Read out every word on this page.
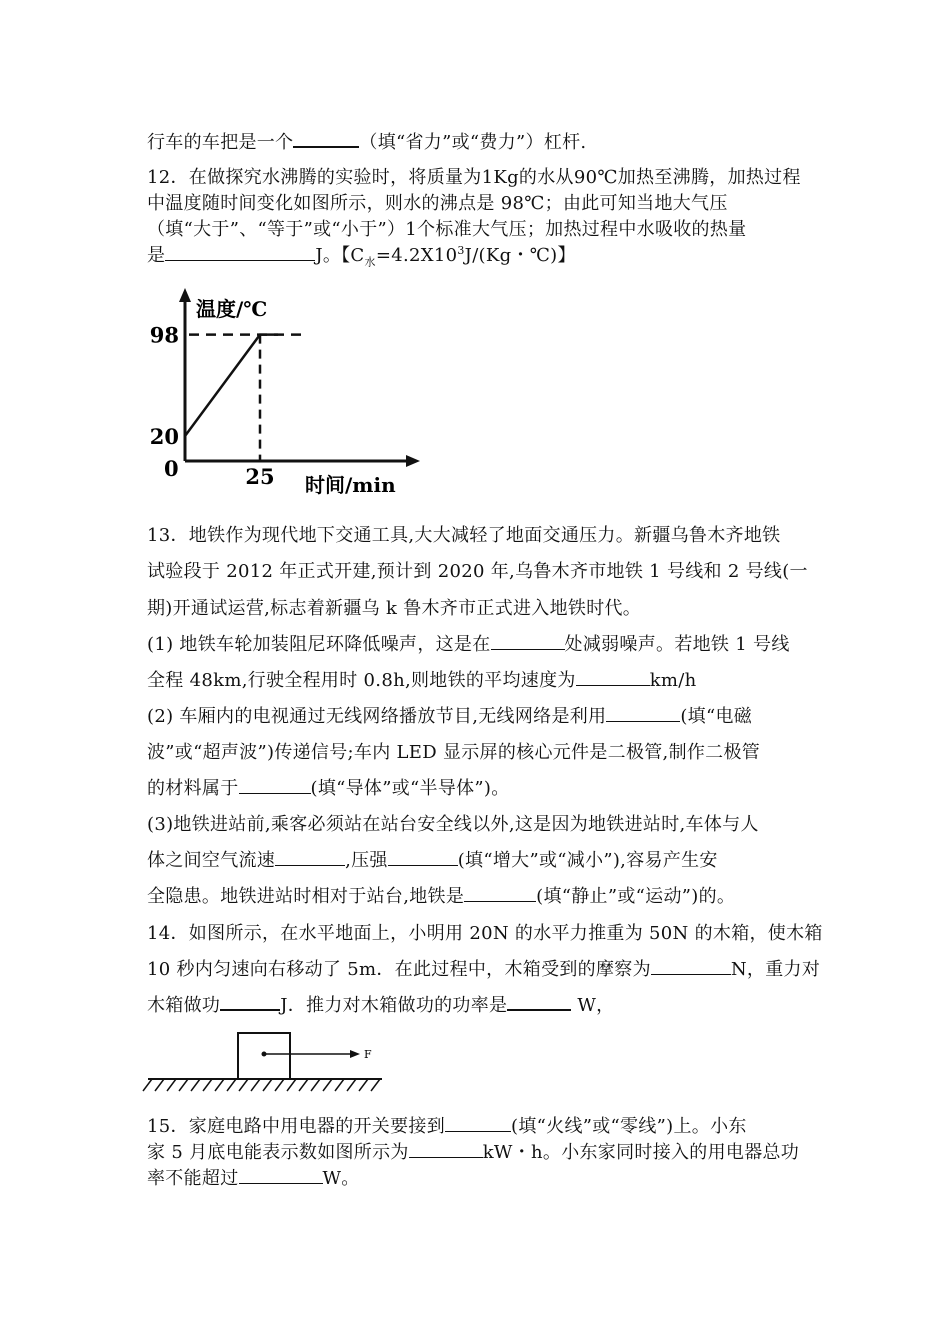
行车的车把是一个	（填“省力”或“费力”）杠杆.
12．在做探究水沸腾的实验时，将质量为1Kg的水从90℃加热至沸腾，加热过程
中温度随时间变化如图所示，则水的沸点是 98℃；由此可知当地大气压
（填“大于”、“等于”或“小于”）1个标准大气压；加热过程中水吸收的热量
是	J。【$C_水=4.2X10^3J/(Kg$・℃)】
温度/℃
98
20
0	25 时间/min
13．地铁作为现代地下交通工具,大大减轻了地面交通压力。新疆乌鲁木齐地铁
试验段于 2012 年正式开建,预计到 2020 年,乌鲁木齐市地铁 1 号线和 2 号线(一
期)开通试运营,标志着新疆乌 k 鲁木齐市正式进入地铁时代。
(1) 地铁车轮加装阻尼环降低噪声，这是在	处减弱噪声。若地铁 1 号线
全程 48km,行驶全程用时 0.8h,则地铁的平均速度为	km/h
(2) 车厢内的电视通过无线网络播放节目,无线网络是利用	(填“电磁
波”或“超声波”)传递信号;车内 LED 显示屏的核心元件是二极管,制作二极管
的材料属于	(填“导体”或“半导体”)。
(3)地铁进站前,乘客必须站在站台安全线以外,这是因为地铁进站时,车体与人
体之间空气流速	,压强	(填“增大”或“减小”),容易产生安
全隐患。地铁进站时相对于站台,地铁是	(填“静止”或“运动”)的。
14．如图所示，在水平地面上，小明用 20N 的水平力推重为 50N 的木箱，使木箱
10 秒内匀速向右移动了 5m．在此过程中，木箱受到的摩察为	N，重力对
木箱做功	J．推力对木箱做功的功率是	W，
F
15．家庭电路中用电器的开关要接到	(填“火线”或“零线”)上。小东
家 5 月底电能表示数如图所示为	kW・h。小东家同时接入的用电器总功
率不能超过	W。
